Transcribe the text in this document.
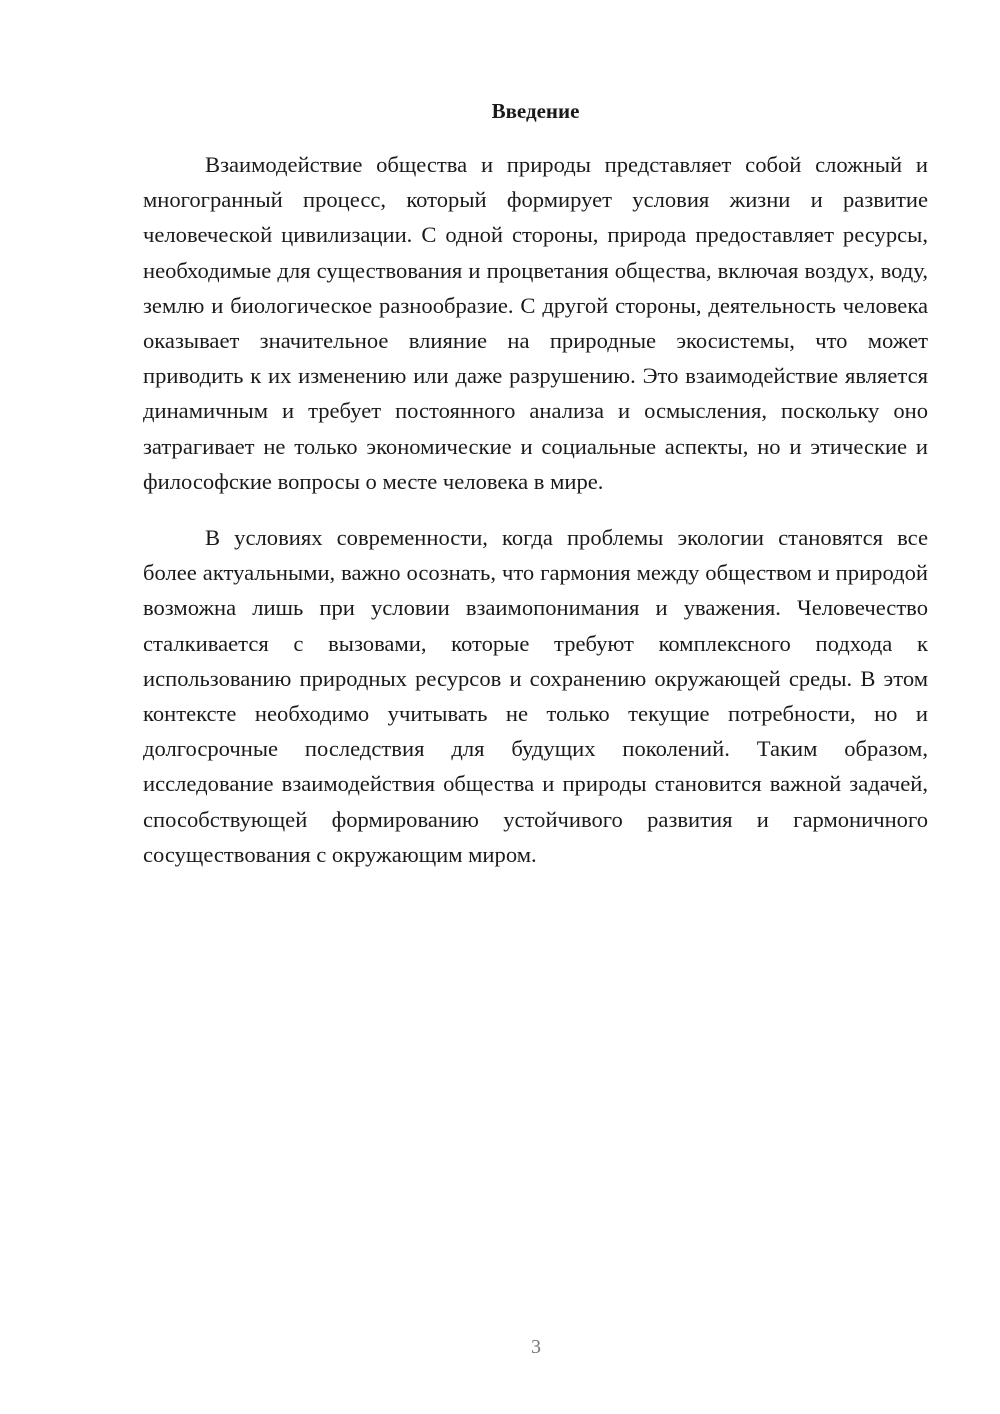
Введение

Взаимодействие общества и природы представляет собой сложный и многогранный процесс, который формирует условия жизни и развитие человеческой цивилизации. С одной стороны, природа предоставляет ресурсы, необходимые для существования и процветания общества, включая воздух, воду, землю и биологическое разнообразие. С другой стороны, деятельность человека оказывает значительное влияние на природные экосистемы, что может приводить к их изменению или даже разрушению. Это взаимодействие является динамичным и требует постоянного анализа и осмысления, поскольку оно затрагивает не только экономические и социальные аспекты, но и этические и философские вопросы о месте человека в мире.

В условиях современности, когда проблемы экологии становятся все более актуальными, важно осознать, что гармония между обществом и природой возможна лишь при условии взаимопонимания и уважения. Человечество сталкивается с вызовами, которые требуют комплексного подхода к использованию природных ресурсов и сохранению окружающей среды. В этом контексте необходимо учитывать не только текущие потребности, но и долгосрочные последствия для будущих поколений. Таким образом, исследование взаимодействия общества и природы становится важной задачей, способствующей формированию устойчивого развития и гармоничного сосуществования с окружающим миром.

3
